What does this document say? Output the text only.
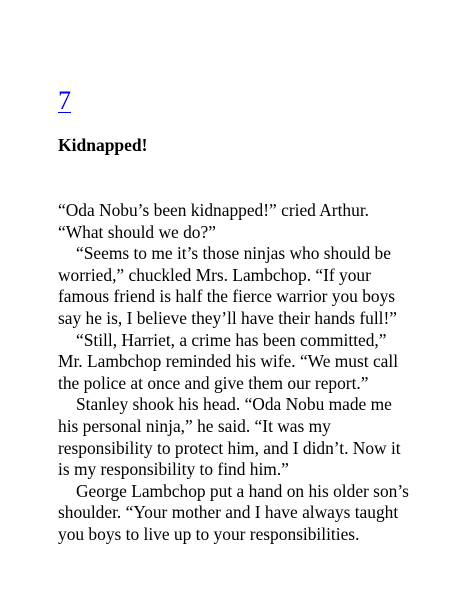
7
Kidnapped!
“Oda Nobu’s been kidnapped!” cried Arthur.
“What should we do?”
“Seems to me it’s those ninjas who should be
worried,” chuckled Mrs. Lambchop. “If your
famous friend is half the fierce warrior you boys
say he is, I believe they’ll have their hands full!”
“Still, Harriet, a crime has been committed,”
Mr. Lambchop reminded his wife. “We must call
the police at once and give them our report.”
Stanley shook his head. “Oda Nobu made me
his personal ninja,” he said. “It was my
responsibility to protect him, and I didn’t. Now it
is my responsibility to find him.”
George Lambchop put a hand on his older son’s
shoulder. “Your mother and I have always taught
you boys to live up to your responsibilities.
